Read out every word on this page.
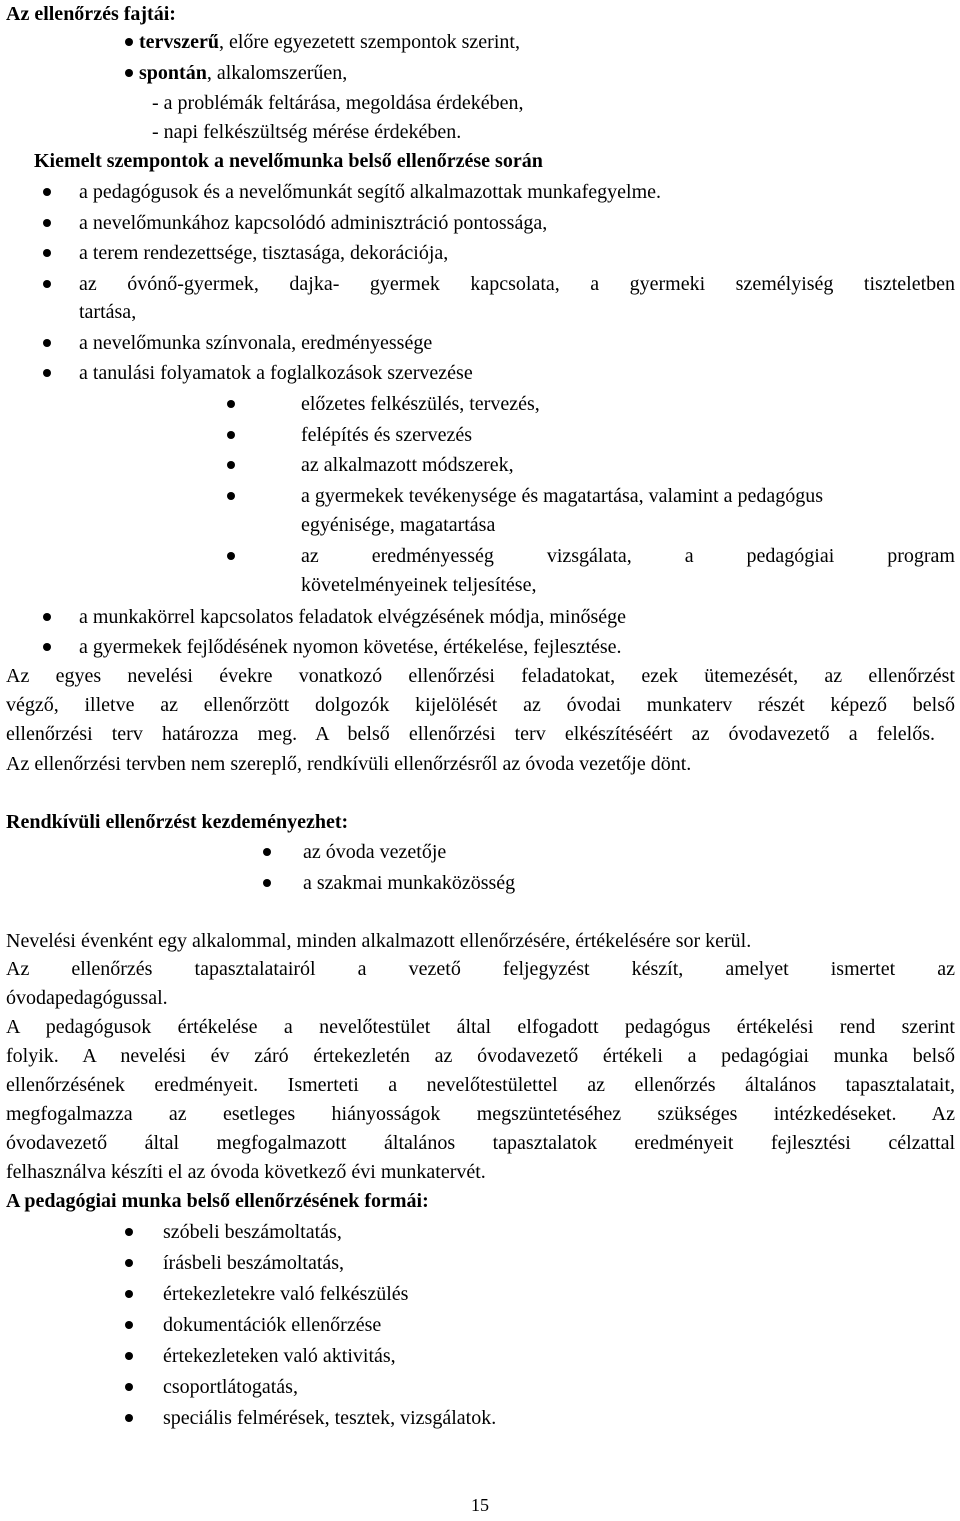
Az ellenőrzés fajtái:
tervszerű, előre egyezetett szempontok szerint,
spontán, alkalomszerűen,
- a problémák feltárása, megoldása érdekében,
- napi felkészültség mérése érdekében.
Kiemelt szempontok a nevelőmunka belső ellenőrzése során
a pedagógusok és a nevelőmunkát segítő alkalmazottak munkafegyelme.
a nevelőmunkához kapcsolódó adminisztráció pontossága,
a terem rendezettsége, tisztasága, dekorációja,
az óvónő-gyermek, dajka- gyermek kapcsolata, a gyermeki személyiség tiszteletben
tartása,
a nevelőmunka színvonala, eredményessége
a tanulási folyamatok a foglalkozások szervezése
előzetes felkészülés, tervezés,
felépítés és szervezés
az alkalmazott módszerek,
a gyermekek tevékenysége és magatartása, valamint a pedagógus
egyénisége, magatartása
az eredményesség vizsgálata, a pedagógiai program
követelményeinek teljesítése,
a munkakörrel kapcsolatos feladatok elvégzésének módja, minősége
a gyermekek fejlődésének nyomon követése, értékelése, fejlesztése.
Az egyes nevelési évekre vonatkozó ellenőrzési feladatokat, ezek ütemezését, az ellenőrzést
végző, illetve az ellenőrzött dolgozók kijelölését az óvodai munkaterv részét képező belső
ellenőrzési terv határozza meg. A belső ellenőrzési terv elkészítéséért az óvodavezető a felelős.
Az ellenőrzési tervben nem szereplő, rendkívüli ellenőrzésről az óvoda vezetője dönt.
Rendkívüli ellenőrzést kezdeményezhet:
az óvoda vezetője
a szakmai munkaközösség
Nevelési évenként egy alkalommal, minden alkalmazott ellenőrzésére, értékelésére sor kerül.
Az ellenőrzés tapasztalatairól a vezető feljegyzést készít, amelyet ismertet az
óvodapedagógussal.
A pedagógusok értékelése a nevelőtestület által elfogadott pedagógus értékelési rend szerint
folyik. A nevelési év záró értekezletén az óvodavezető értékeli a pedagógiai munka belső
ellenőrzésének eredményeit. Ismerteti a nevelőtestülettel az ellenőrzés általános tapasztalatait,
megfogalmazza az esetleges hiányosságok megszüntetéséhez szükséges intézkedéseket. Az
óvodavezető által megfogalmazott általános tapasztalatok eredményeit fejlesztési célzattal
felhasználva készíti el az óvoda következő évi munkatervét.
A pedagógiai munka belső ellenőrzésének formái:
szóbeli beszámoltatás,
írásbeli beszámoltatás,
értekezletekre való felkészülés
dokumentációk ellenőrzése
értekezleteken való aktivitás,
csoportlátogatás,
speciális felmérések, tesztek, vizsgálatok.
15
